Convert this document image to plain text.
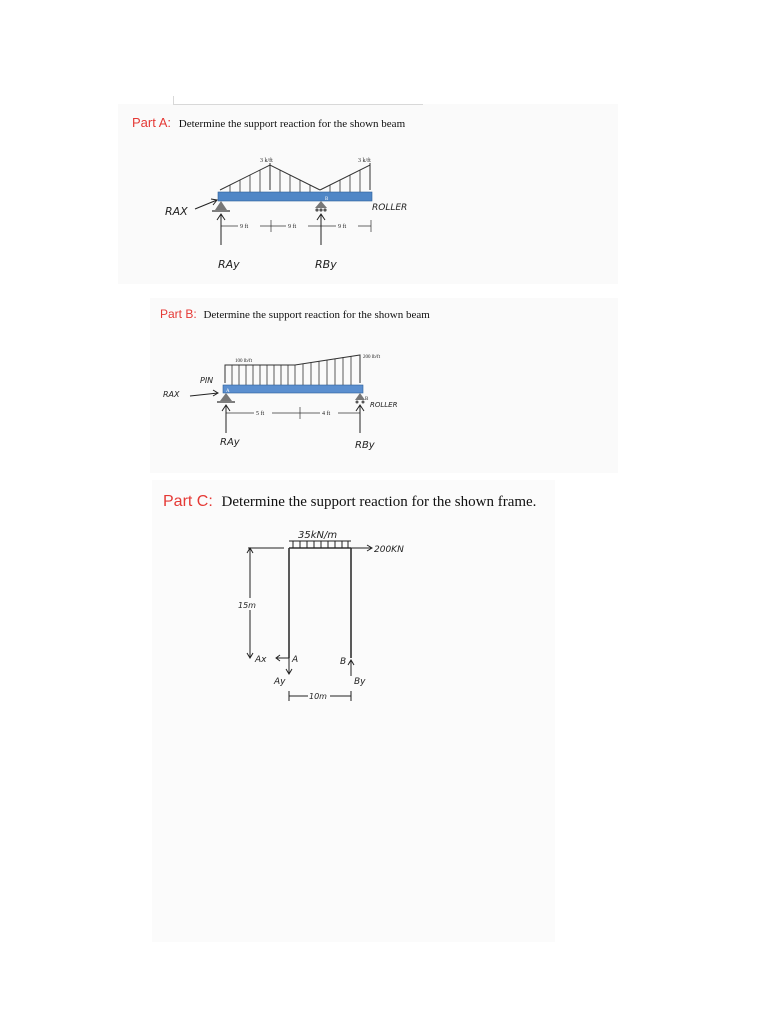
Part A: Determine the support reaction for the shown beam
3 k/ft	3 k/ft
B
9 ft	9 ft	9 ft
RAX	ROLLER
RAy	RBy
Part B: Determine the support reaction for the shown beam
100 lb/ft
200 lb/ft
A
B
5 ft	4 ft
PIN
RAX
ROLLER
RAy	RBy
Part C: Determine the support reaction for the shown frame.
35kN/m
200KN
15m
Ax	A	B
Ay	By
10m
